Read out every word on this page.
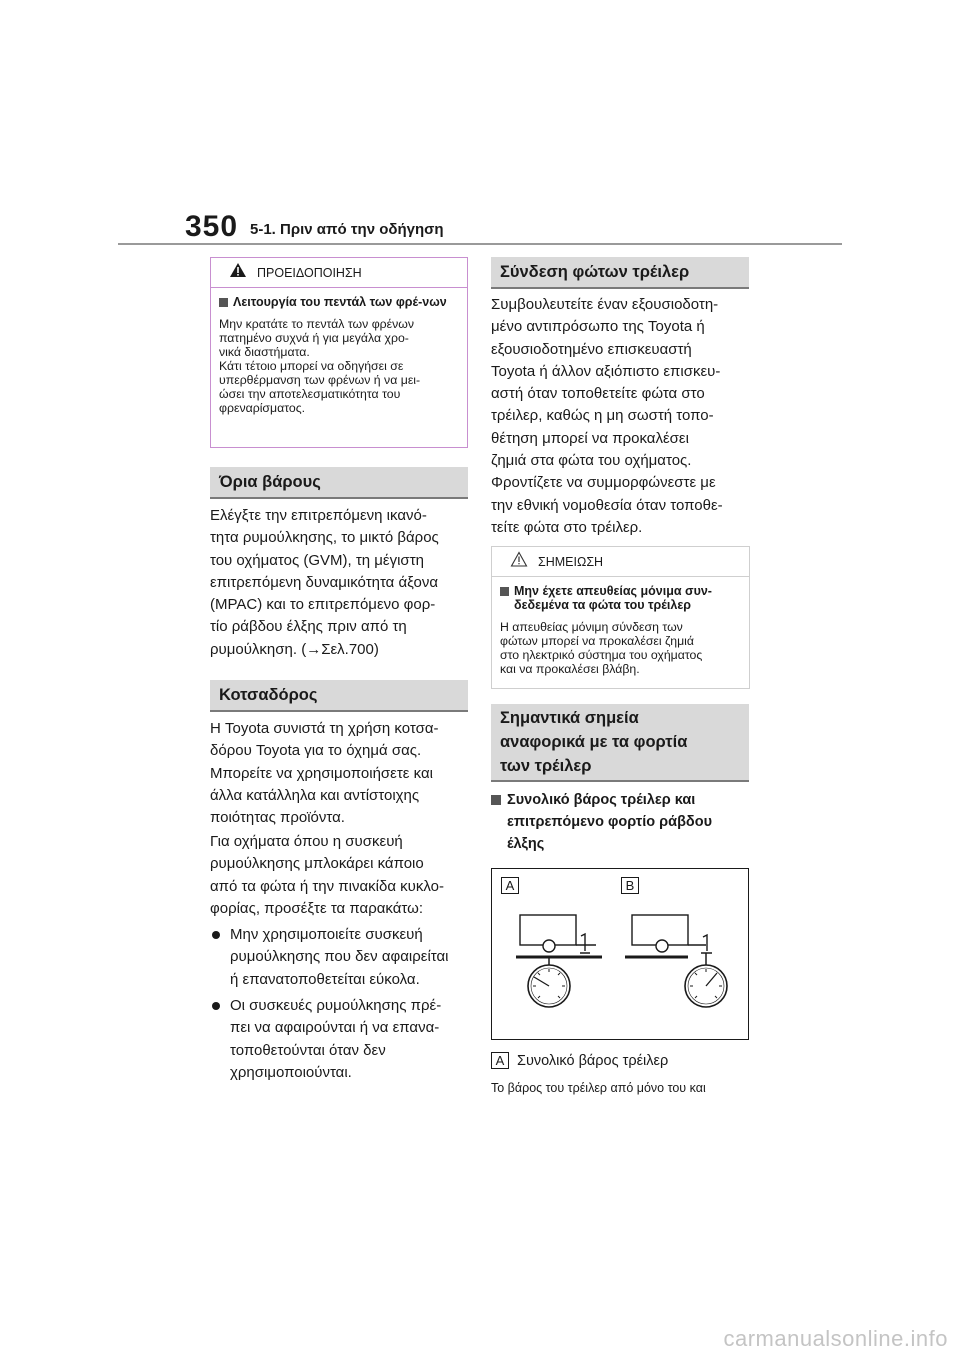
350 5-1. Πριν από την οδήγηση
ΠΡΟΕΙΔΟΠΟΙΗΣΗ
Λειτουργία του πεντάλ των φρέ-νων
Μην κρατάτε το πεντάλ των φρένων
πατημένο συχνά ή για μεγάλα χρο-
νικά διαστήματα.
Κάτι τέτοιο μπορεί να οδηγήσει σε
υπερθέρμανση των φρένων ή να μει-
ώσει την αποτελεσματικότητα του
φρεναρίσματος.
Όρια βάρους
Ελέγξτε την επιτρεπόμενη ικανό-
τητα ρυμούλκησης, το μικτό βάρος
του οχήματος (GVM), τη μέγιστη
επιτρεπόμενη δυναμικότητα άξονα
(MPAC) και το επιτρεπόμενο φορ-
τίο ράβδου έλξης πριν από τη
ρυμούλκηση. (→Σελ.700)
Κοτσαδόρος
Η Toyota συνιστά τη χρήση κοτσα-
δόρου Toyota για το όχημά σας.
Μπορείτε να χρησιμοποιήσετε και
άλλα κατάλληλα και αντίστοιχης
ποιότητας προϊόντα.
Για οχήματα όπου η συσκευή
ρυμούλκησης μπλοκάρει κάποιο
από τα φώτα ή την πινακίδα κυκλο-
φορίας, προσέξτε τα παρακάτω:
Μην χρησιμοποιείτε συσκευή
ρυμούλκησης που δεν αφαιρείται
ή επανατοποθετείται εύκολα.
Οι συσκευές ρυμούλκησης πρέ-
πει να αφαιρούνται ή να επανα-
τοποθετούνται όταν δεν
χρησιμοποιούνται.
Σύνδεση φώτων τρέιλερ
Συμβουλευτείτε έναν εξουσιοδοτη-
μένο αντιπρόσωπο της Toyota ή
εξουσιοδοτημένο επισκευαστή
Toyota ή άλλον αξιόπιστο επισκευ-
αστή όταν τοποθετείτε φώτα στο
τρέιλερ, καθώς η μη σωστή τοπο-
θέτηση μπορεί να προκαλέσει
ζημιά στα φώτα του οχήματος.
Φροντίζετε να συμμορφώνεστε με
την εθνική νομοθεσία όταν τοποθε-
τείτε φώτα στο τρέιλερ.
ΣΗΜΕΙΩΣΗ
Μην έχετε απευθείας μόνιμα συν-δεδεμένα τα φώτα του τρέιλερ
Η απευθείας μόνιμη σύνδεση των
φώτων μπορεί να προκαλέσει ζημιά
στο ηλεκτρικό σύστημα του οχήματος
και να προκαλέσει βλάβη.
Σημαντικά σημεία
αναφορικά με τα φορτία
των τρέιλερ
Συνολικό βάρος τρέιλερ και
επιτρεπόμενο φορτίο ράβδου
έλξης
A	B
A Συνολικό βάρος τρέιλερ
Το βάρος του τρέιλερ από μόνο του και
carmanualsonline.info
